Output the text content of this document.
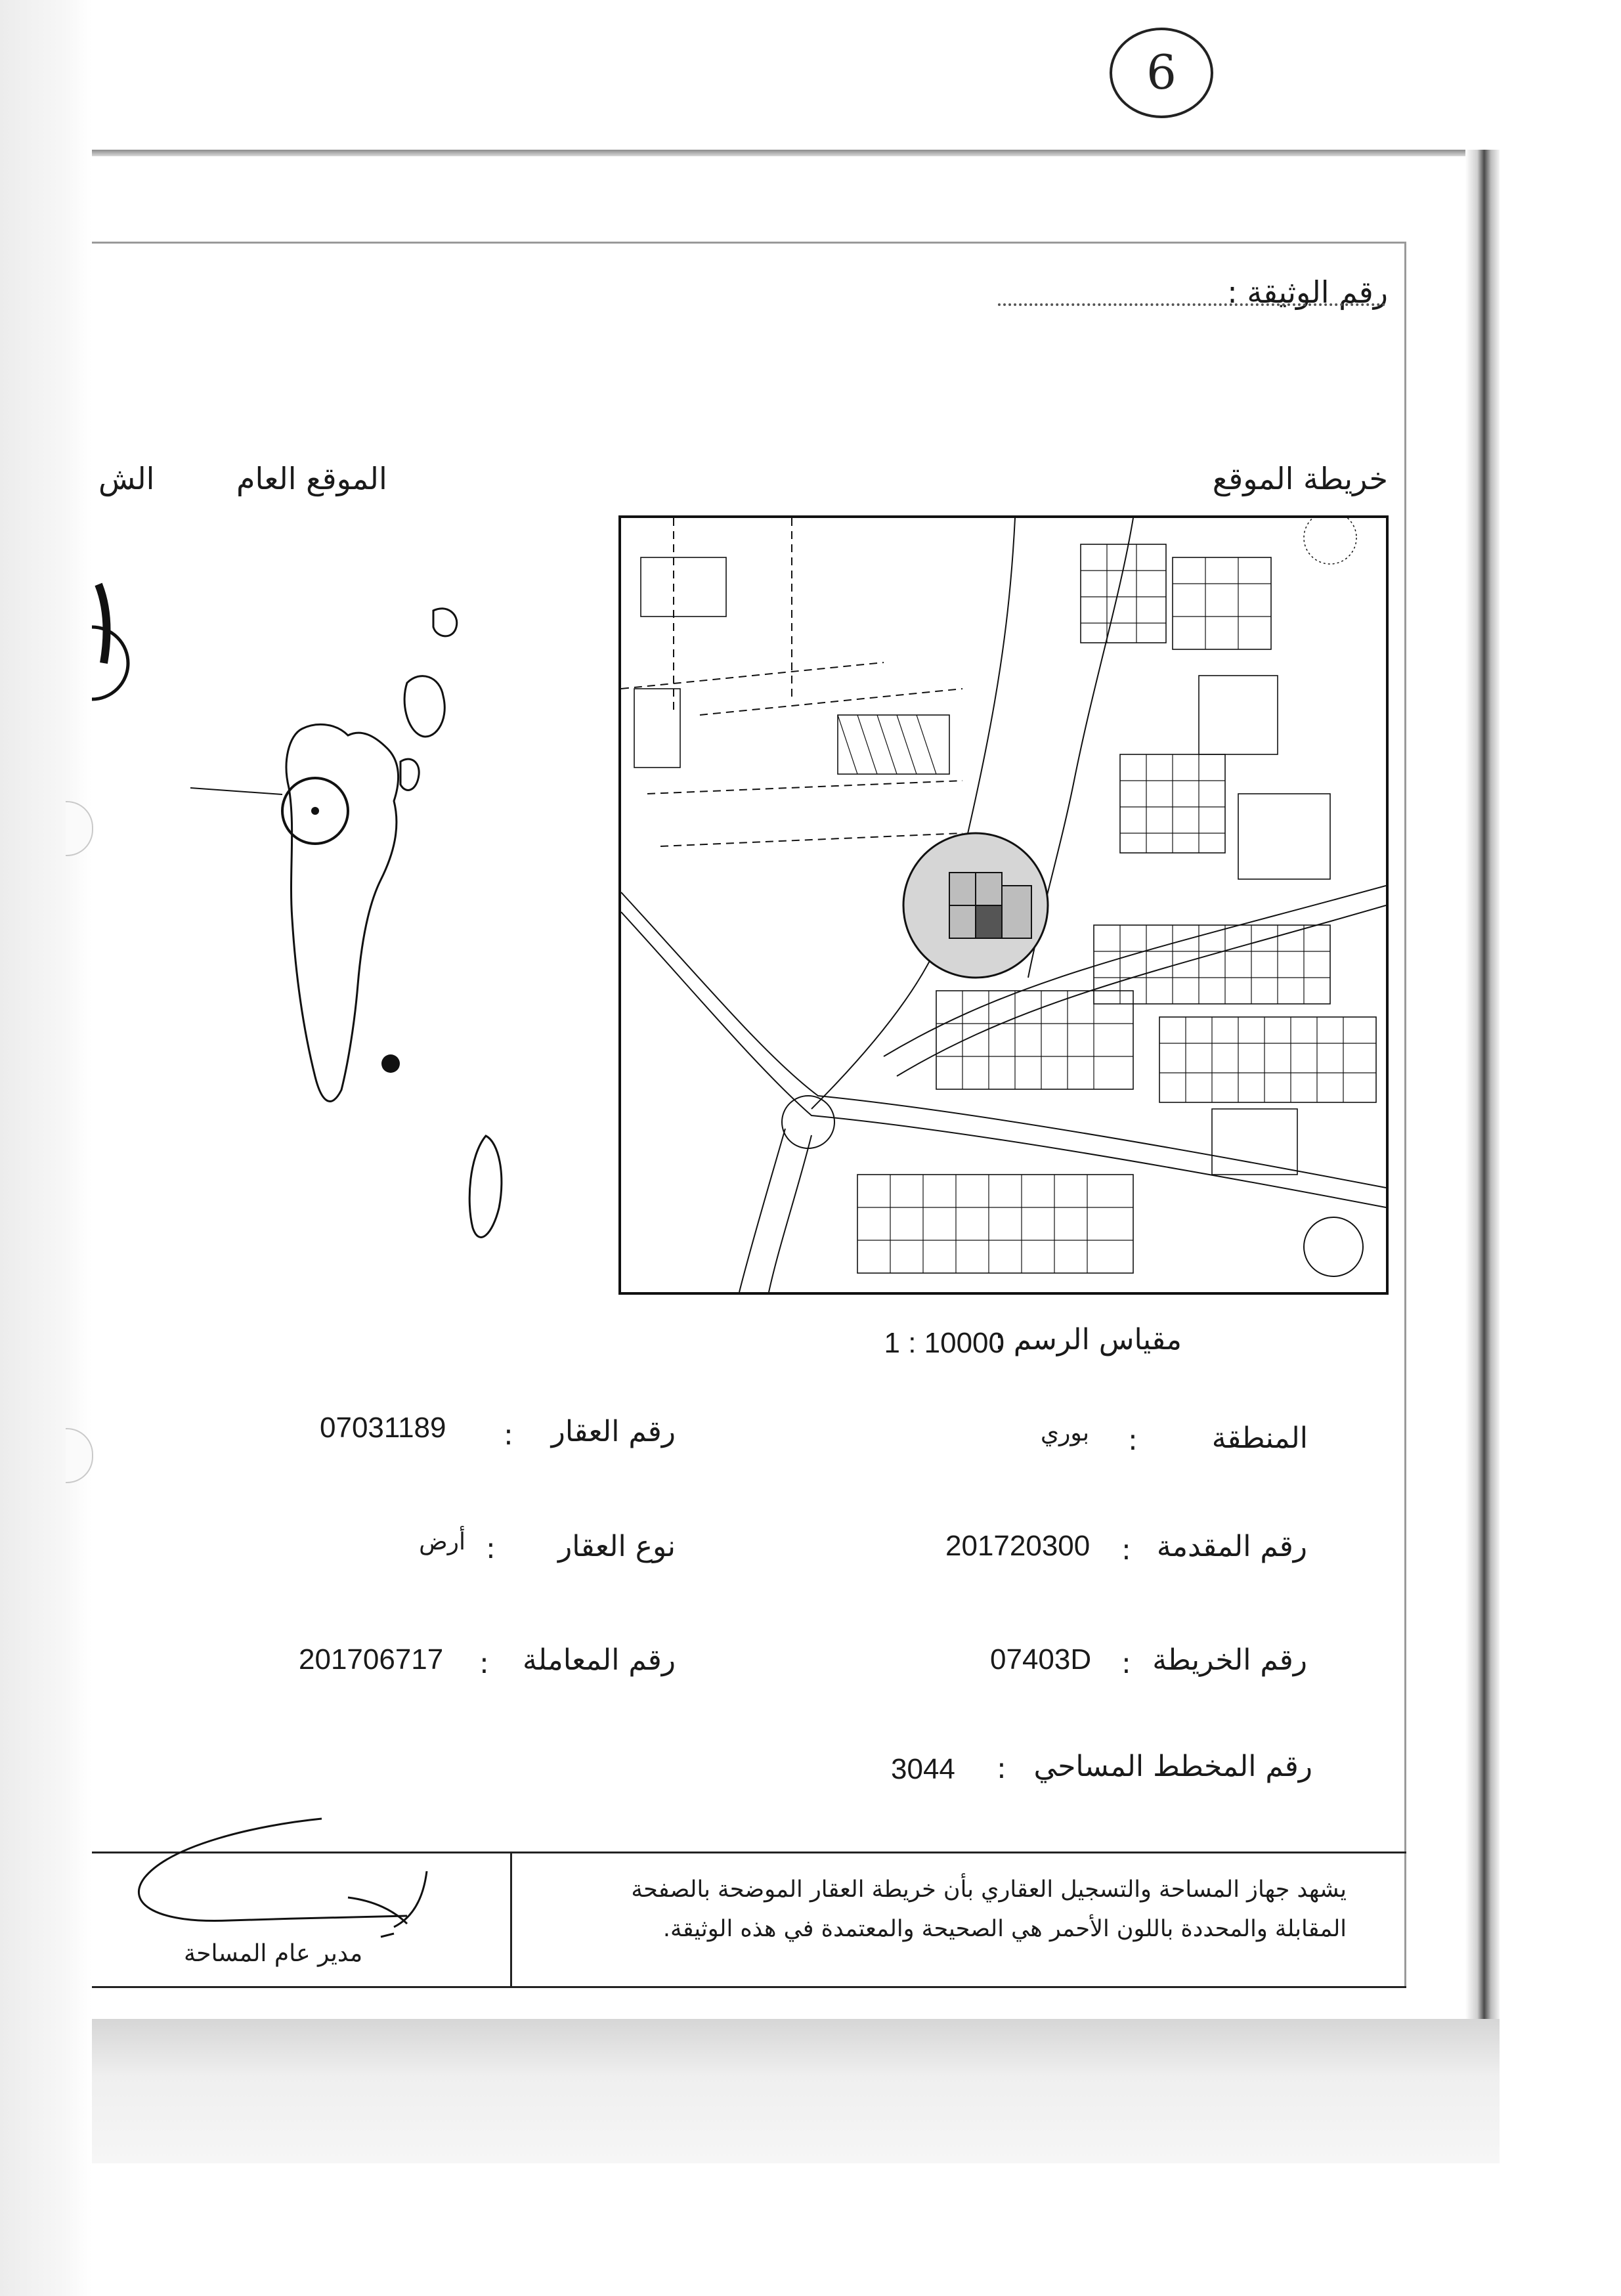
6
رقم الوثيقة :
خريطة الموقع
الموقع العام
الش
مقياس الرسم :
1 : 10000
المنطقة
:
بوري
رقم المقدمة
:
201720300
رقم الخريطة
:
07403D
رقم المخطط المساحي
:
3044
رقم العقار
:
07031189
نوع العقار
:
أرض
رقم المعاملة
:
201706717
يشهد جهاز المساحة والتسجيل العقاري بأن خريطة العقار الموضحة بالصفحة
المقابلة والمحددة باللون الأحمر هي الصحيحة والمعتمدة في هذه الوثيقة.
مدير عام المساحة
